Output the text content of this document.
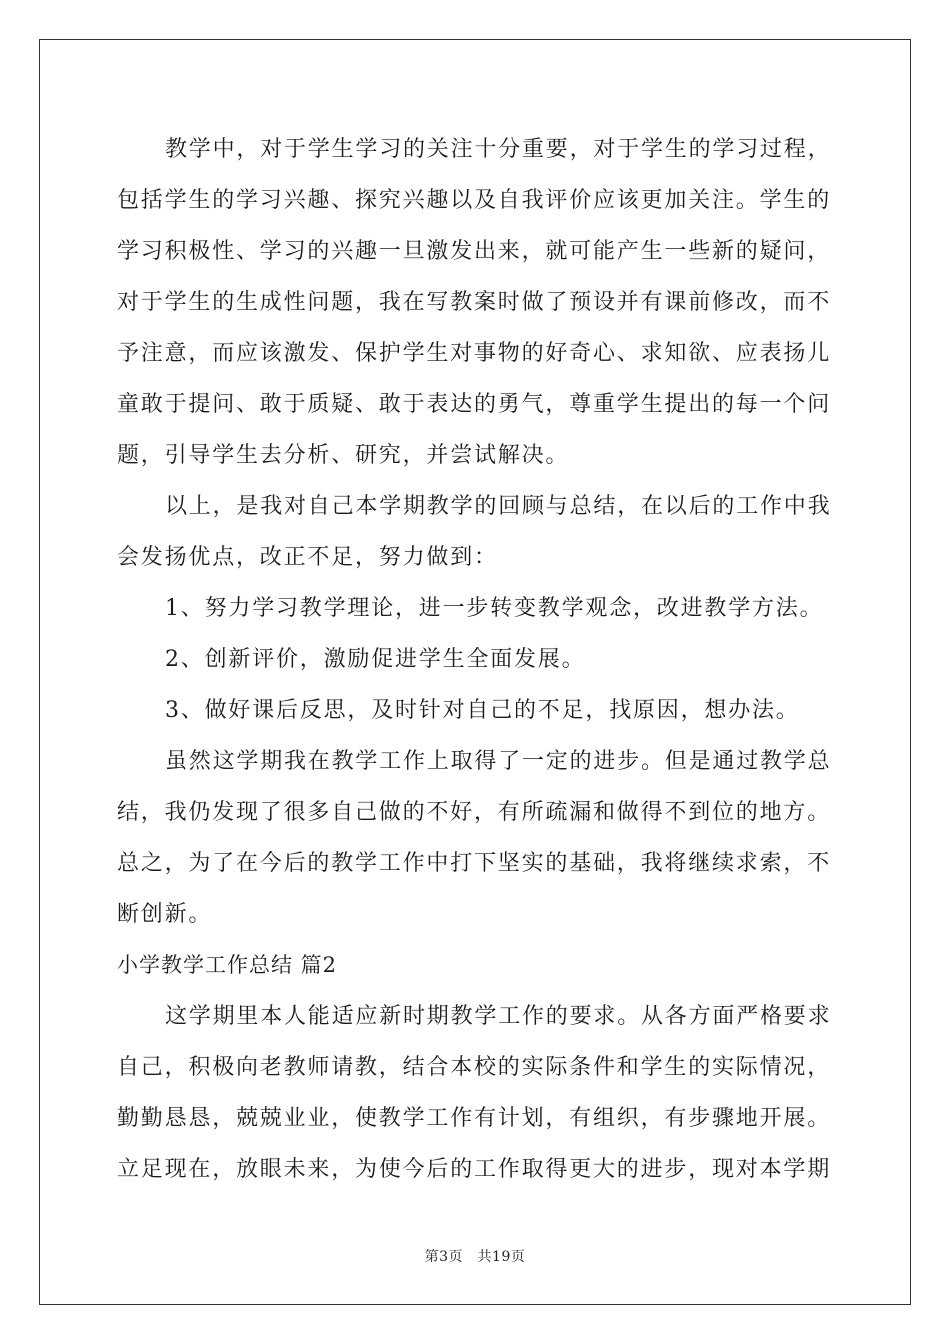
教学中，对于学生学习的关注十分重要，对于学生的学习过程，
包括学生的学习兴趣、探究兴趣以及自我评价应该更加关注。学生的
学习积极性、学习的兴趣一旦激发出来，就可能产生一些新的疑问，
对于学生的生成性问题，我在写教案时做了预设并有课前修改，而不
予注意，而应该激发、保护学生对事物的好奇心、求知欲、应表扬儿
童敢于提问、敢于质疑、敢于表达的勇气，尊重学生提出的每一个问
题，引导学生去分析、研究，并尝试解决。
以上，是我对自己本学期教学的回顾与总结，在以后的工作中我
会发扬优点，改正不足，努力做到：
1、努力学习教学理论，进一步转变教学观念，改进教学方法。
2、创新评价，激励促进学生全面发展。
3、做好课后反思，及时针对自己的不足，找原因，想办法。
虽然这学期我在教学工作上取得了一定的进步。但是通过教学总
结，我仍发现了很多自己做的不好，有所疏漏和做得不到位的地方。
总之，为了在今后的教学工作中打下坚实的基础，我将继续求索，不
断创新。
小学教学工作总结 篇2
这学期里本人能适应新时期教学工作的要求。从各方面严格要求
自己，积极向老教师请教，结合本校的实际条件和学生的实际情况，
勤勤恳恳，兢兢业业，使教学工作有计划，有组织，有步骤地开展。
立足现在，放眼未来，为使今后的工作取得更大的进步，现对本学期
第3页　共19页
